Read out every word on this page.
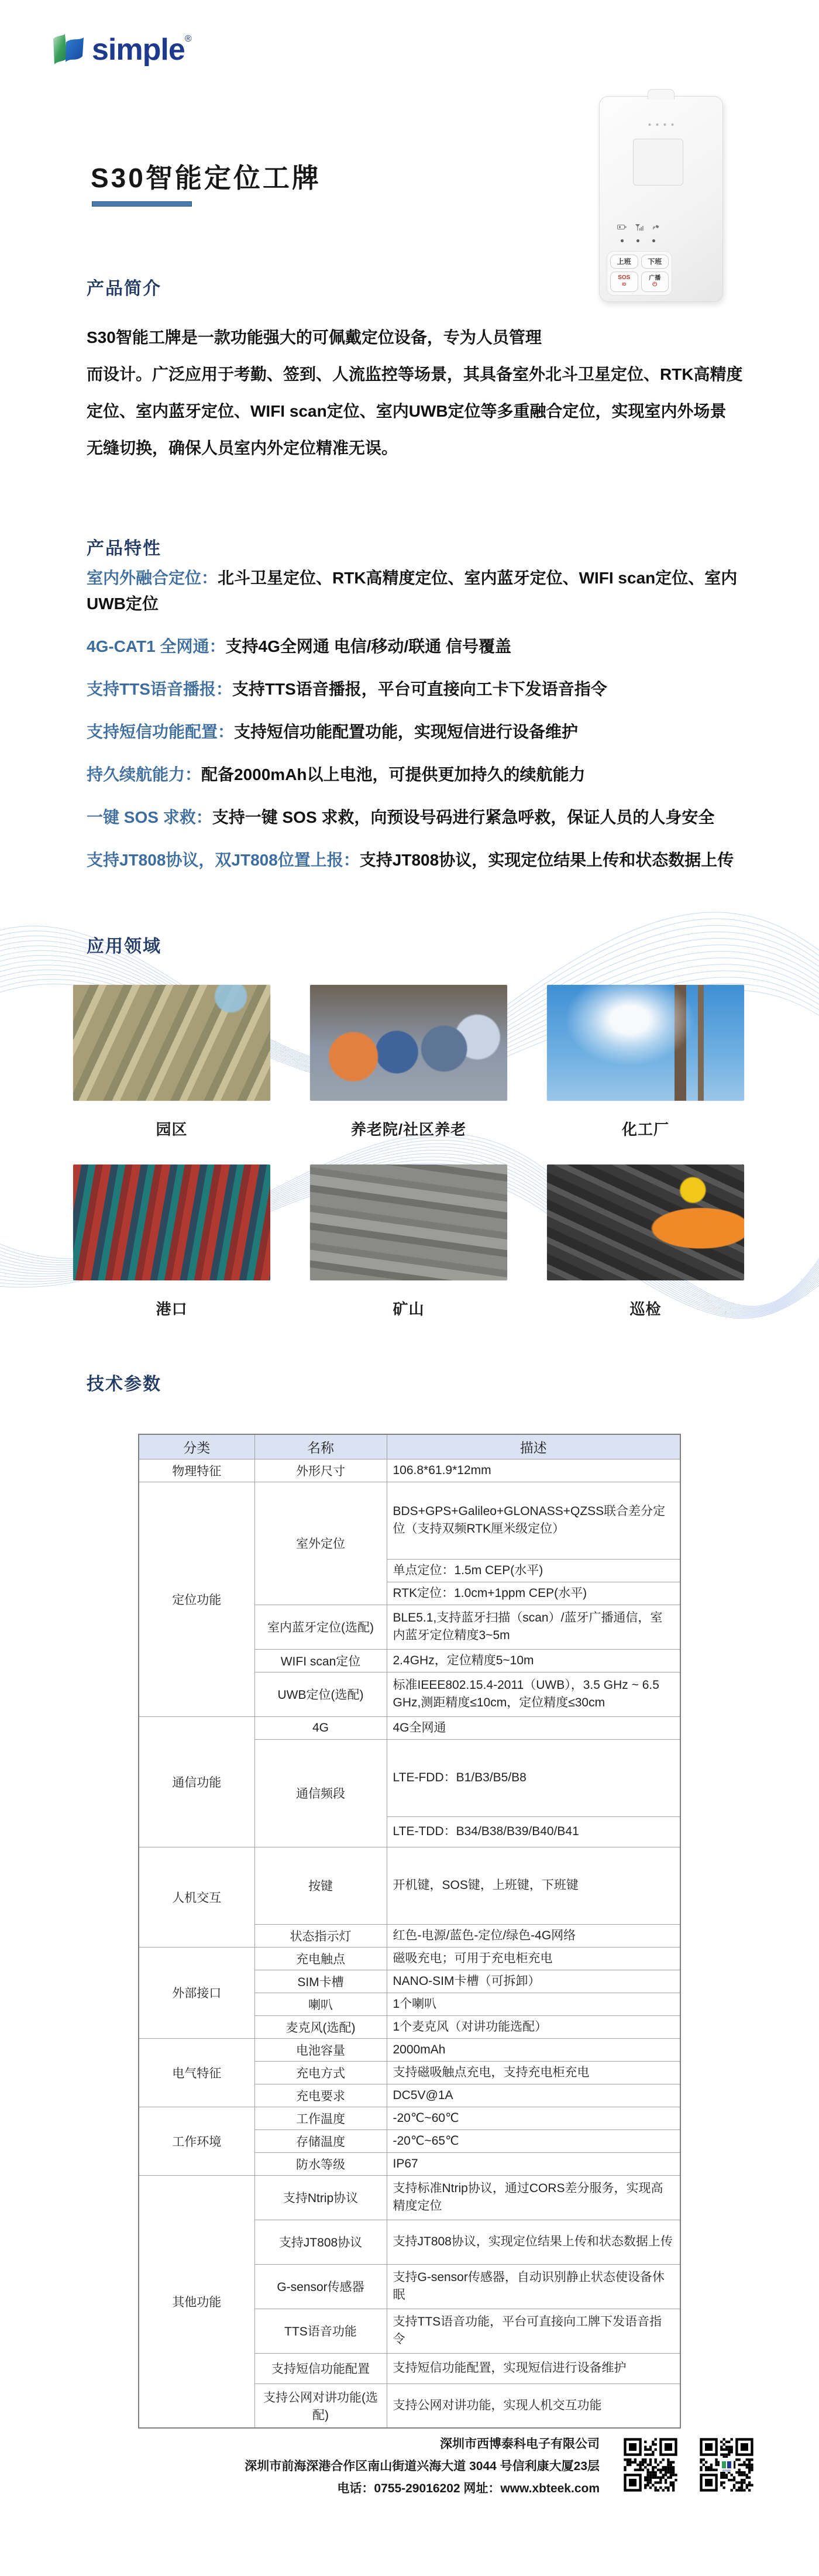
simple ®
S30智能定位工牌
上班 下班
SOS
ID
广播
⏻
产品简介
S30智能工牌是一款功能强大的可佩戴定位设备，专为人员管理
而设计。广泛应用于考勤、签到、人流监控等场景，其具备室外北斗卫星定位、RTK高精度
定位、室内蓝牙定位、WIFI scan定位、室内UWB定位等多重融合定位，实现室内外场景
无缝切换，确保人员室内外定位精准无误。
产品特性
室内外融合定位：北斗卫星定位、RTK高精度定位、室内蓝牙定位、WIFI scan定位、室内UWB定位
4G-CAT1 全网通：支持4G全网通 电信/移动/联通 信号覆盖
支持TTS语音播报：支持TTS语音播报，平台可直接向工卡下发语音指令
支持短信功能配置：支持短信功能配置功能，实现短信进行设备维护
持久续航能力：配备2000mAh以上电池，可提供更加持久的续航能力
一键 SOS 求救：支持一键 SOS 求救，向预设号码进行紧急呼救，保证人员的人身安全
支持JT808协议，双JT808位置上报：支持JT808协议，实现定位结果上传和状态数据上传
应用领域
园区	养老院/社区养老	化工厂
港口	矿山	巡检
技术参数
分类	名称	描述
物理特征	外形尺寸	106.8*61.9*12mm
定位功能	室外定位	BDS+GPS+Galileo+GLONASS+QZSS联合差分定位（支持双频RTK厘米级定位）
		单点定位：1.5m CEP(水平)
		RTK定位：1.0cm+1ppm CEP(水平)
	室内蓝牙定位(选配)	BLE5.1,支持蓝牙扫描（scan）/蓝牙广播通信，室内蓝牙定位精度3~5m
	WIFI scan定位	2.4GHz，定位精度5~10m
	UWB定位(选配)	标准IEEE802.15.4-2011（UWB），3.5 GHz ~ 6.5 GHz,测距精度≤10cm，定位精度≤30cm
通信功能	4G	4G全网通
	通信频段	LTE-FDD：B1/B3/B5/B8
		LTE-TDD：B34/B38/B39/B40/B41
人机交互	按键	开机键，SOS键，上班键，下班键
	状态指示灯	红色-电源/蓝色-定位/绿色-4G网络
外部接口	充电触点	磁吸充电；可用于充电柜充电
	SIM卡槽	NANO-SIM卡槽（可拆卸）
	喇叭	1个喇叭
	麦克风(选配)	1个麦克风（对讲功能选配）
电气特征	电池容量	2000mAh
	充电方式	支持磁吸触点充电，支持充电柜充电
	充电要求	DC5V@1A
工作环境	工作温度	-20℃~60℃
	存储温度	-20℃~65℃
	防水等级	IP67
其他功能	支持Ntrip协议	支持标准Ntrip协议，通过CORS差分服务，实现高精度定位
	支持JT808协议	支持JT808协议，实现定位结果上传和状态数据上传
	G-sensor传感器	支持G-sensor传感器，自动识别静止状态使设备休眠
	TTS语音功能	支持TTS语音功能，平台可直接向工牌下发语音指令
	支持短信功能配置	支持短信功能配置，实现短信进行设备维护
	支持公网对讲功能(选配)	支持公网对讲功能，实现人机交互功能
深圳市西博泰科电子有限公司
深圳市前海深港合作区南山街道兴海大道 3044 号信利康大厦23层
电话：0755-29016202 网址：www.xbteek.com
simple
